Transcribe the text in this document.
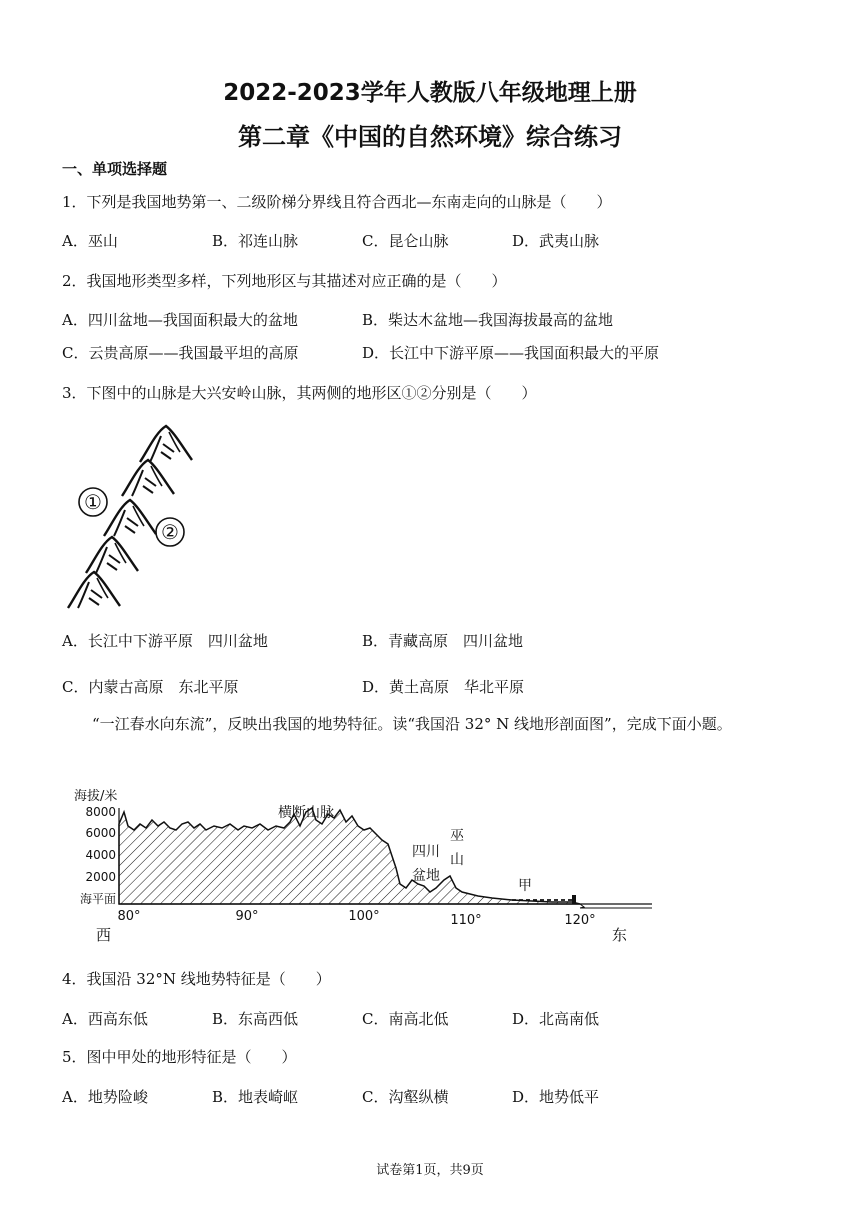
2022-2023学年人教版八年级地理上册
第二章《中国的自然环境》综合练习
一、单项选择题
1．下列是我国地势第一、二级阶梯分界线且符合西北—东南走向的山脉是（　　）
A．巫山	B．祁连山脉	C．昆仑山脉	D．武夷山脉
2．我国地形类型多样，下列地形区与其描述对应正确的是（　　）
A．四川盆地—我国面积最大的盆地	B．柴达木盆地—我国海拔最高的盆地
C．云贵高原——我国最平坦的高原	D．长江中下游平原——我国面积最大的平原
3．下图中的山脉是大兴安岭山脉，其两侧的地形区①②分别是（　　）
①
②
A．长江中下游平原　四川盆地	B．青藏高原　四川盆地
C．内蒙古高原　东北平原	D．黄土高原　华北平原
“一江春水向东流”，反映出我国的地势特征。读“我国沿 32° N 线地形剖面图”，完成下面小题。
海拔/米
8000
6000
4000
2000
海平面
横断山脉
四川
盆地
巫
山
甲
80°	90°	100°	110°	120°
西	东
4．我国沿 32°N 线地势特征是（　　）
A．西高东低	B．东高西低	C．南高北低	D．北高南低
5．图中甲处的地形特征是（　　）
A．地势险峻	B．地表崎岖	C．沟壑纵横	D．地势低平
试卷第1页，共9页
